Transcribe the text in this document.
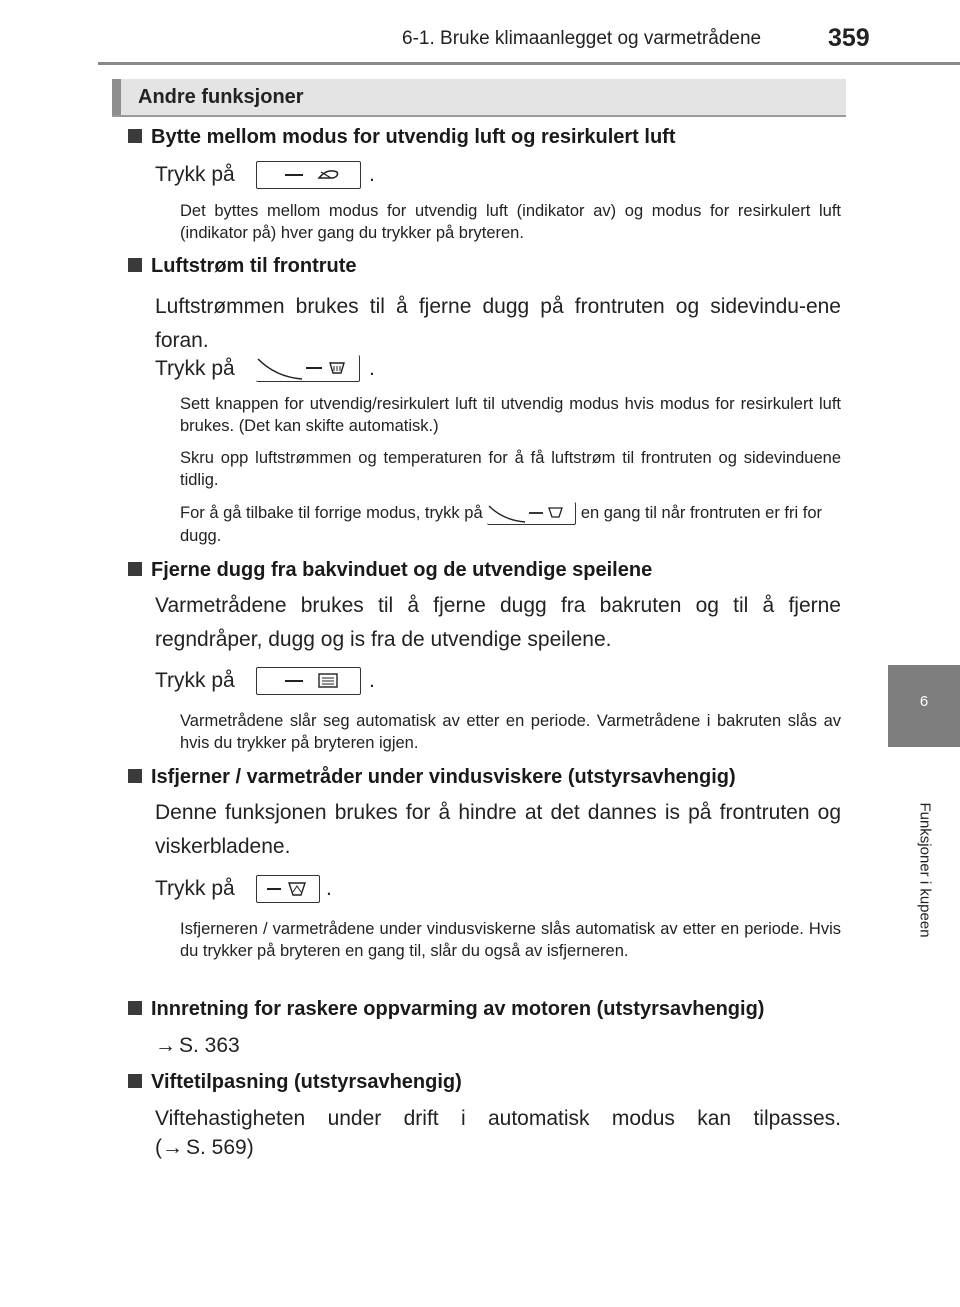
6-1. Bruke klimaanlegget og varmetrådene	359
6
Funksjoner i kupeen
Andre funksjoner
Bytte mellom modus for utvendig luft og resirkulert luft
Trykk på	.
Det byttes mellom modus for utvendig luft (indikator av) og modus for resirkulert luft (indikator på) hver gang du trykker på bryteren.
Luftstrøm til frontrute
Luftstrømmen brukes til å fjerne dugg på frontruten og sidevindu-ene foran.
Trykk på	.
Sett knappen for utvendig/resirkulert luft til utvendig modus hvis modus for resirkulert luft brukes. (Det kan skifte automatisk.)
Skru opp luftstrømmen og temperaturen for å få luftstrøm til frontruten og sidevinduene tidlig.
For å gå tilbake til forrige modus, trykk på	en gang til når frontruten er fri for dugg.
Fjerne dugg fra bakvinduet og de utvendige speilene
Varmetrådene brukes til å fjerne dugg fra bakruten og til å fjerne regndråper, dugg og is fra de utvendige speilene.
Trykk på	.
Varmetrådene slår seg automatisk av etter en periode. Varmetrådene i bakruten slås av hvis du trykker på bryteren igjen.
Isfjerner / varmetråder under vindusviskere (utstyrsavhengig)
Denne funksjonen brukes for å hindre at det dannes is på frontruten og viskerbladene.
Trykk på	.
Isfjerneren / varmetrådene under vindusviskerne slås automatisk av etter en periode. Hvis du trykker på bryteren en gang til, slår du også av isfjerneren.
Innretning for raskere oppvarming av motoren (utstyrsavhengig)
→ S. 363
Viftetilpasning (utstyrsavhengig)
Viftehastigheten under drift i automatisk modus kan tilpasses.
(→ S. 569)
